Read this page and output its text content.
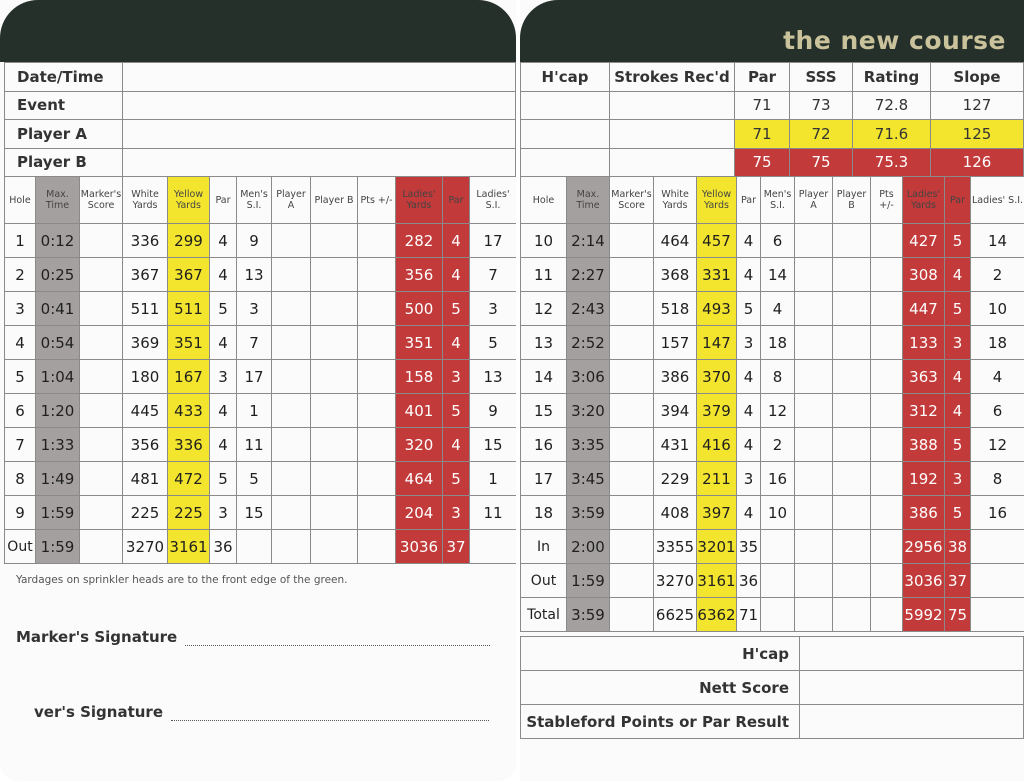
Date/Time	
Event	
Player A	
Player B	
Hole	Max. Time	Marker's Score	White Yards	Yellow Yards	Par	Men's S.I.	Player A	Player B	Pts +/-	Ladies' Yards	Par	Ladies' S.I.
1	0:12		336	299	4	9				282	4	17
2	0:25		367	367	4	13				356	4	7
3	0:41		511	511	5	3				500	5	3
4	0:54		369	351	4	7				351	4	5
5	1:04		180	167	3	17				158	3	13
6	1:20		445	433	4	1				401	5	9
7	1:33		356	336	4	11				320	4	15
8	1:49		481	472	5	5				464	5	1
9	1:59		225	225	3	15				204	3	11
Out	1:59		3270	3161	36					3036	37	
Yardages on sprinkler heads are to the front edge of the green.
Marker's Signature
ver's Signature
the new course
H'cap	Strokes Rec'd	Par	SSS	Rating	Slope
		71	73	72.8	127
		71	72	71.6	125
		75	75	75.3	126
Hole	Max. Time	Marker's Score	White Yards	Yellow Yards	Par	Men's S.I.	Player A	Player B	Pts +/-	Ladies' Yards	Par	Ladies' S.I.
10	2:14		464	457	4	6				427	5	14
11	2:27		368	331	4	14				308	4	2
12	2:43		518	493	5	4				447	5	10
13	2:52		157	147	3	18				133	3	18
14	3:06		386	370	4	8				363	4	4
15	3:20		394	379	4	12				312	4	6
16	3:35		431	416	4	2				388	5	12
17	3:45		229	211	3	16				192	3	8
18	3:59		408	397	4	10				386	5	16
In	2:00		3355	3201	35					2956	38	
Out	1:59		3270	3161	36					3036	37	
Total	3:59		6625	6362	71					5992	75	
H'cap	
Nett Score	
Stableford Points or Par Result	
